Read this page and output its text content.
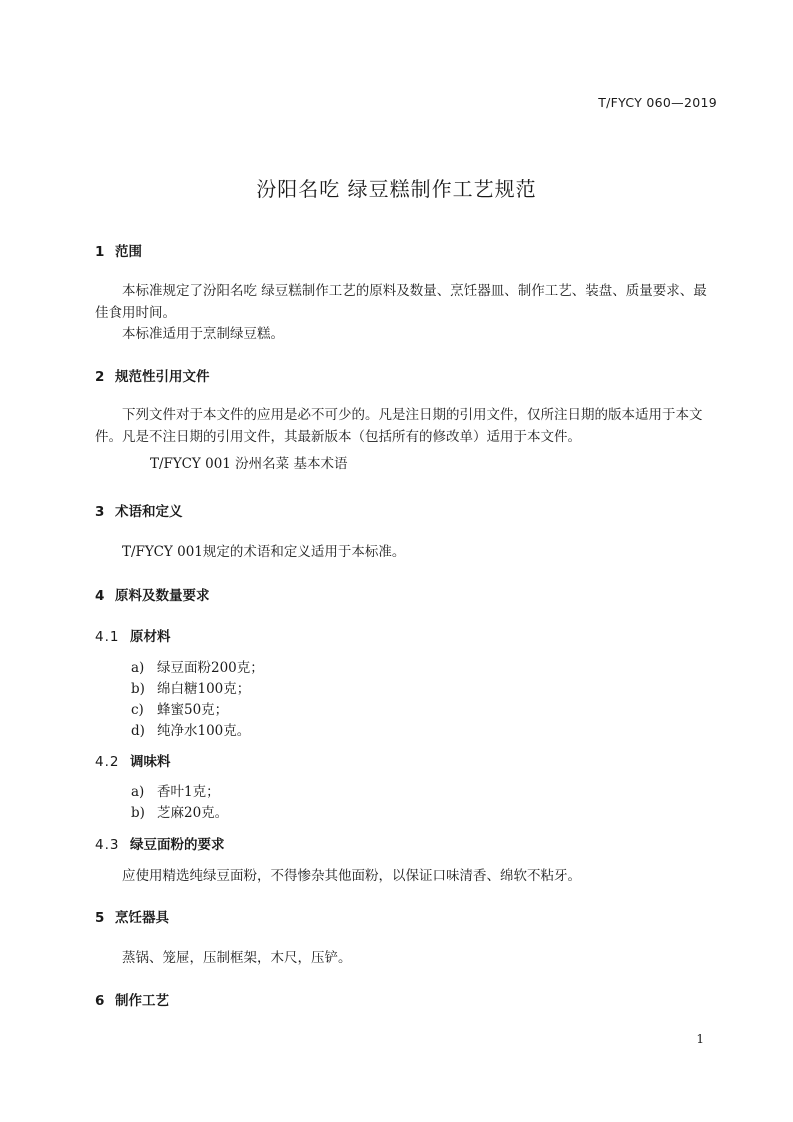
T/FYCY 060—2019
汾阳名吃 绿豆糕制作工艺规范
1 范围
本标准规定了汾阳名吃 绿豆糕制作工艺的原料及数量、烹饪器皿、制作工艺、装盘、质量要求、最佳食用时间。
本标准适用于烹制绿豆糕。
2 规范性引用文件
下列文件对于本文件的应用是必不可少的。凡是注日期的引用文件，仅所注日期的版本适用于本文件。凡是不注日期的引用文件，其最新版本（包括所有的修改单）适用于本文件。
T/FYCY 001 汾州名菜 基本术语
3 术语和定义
T/FYCY 001规定的术语和定义适用于本标准。
4 原料及数量要求
4.1 原材料
a) 绿豆面粉200克；
b) 绵白糖100克；
c) 蜂蜜50克；
d) 纯净水100克。
4.2 调味料
a) 香叶1克；
b) 芝麻20克。
4.3 绿豆面粉的要求
应使用精选纯绿豆面粉，不得惨杂其他面粉，以保证口味清香、绵软不粘牙。
5 烹饪器具
蒸锅、笼屉，压制框架，木尺，压铲。
6 制作工艺
1
